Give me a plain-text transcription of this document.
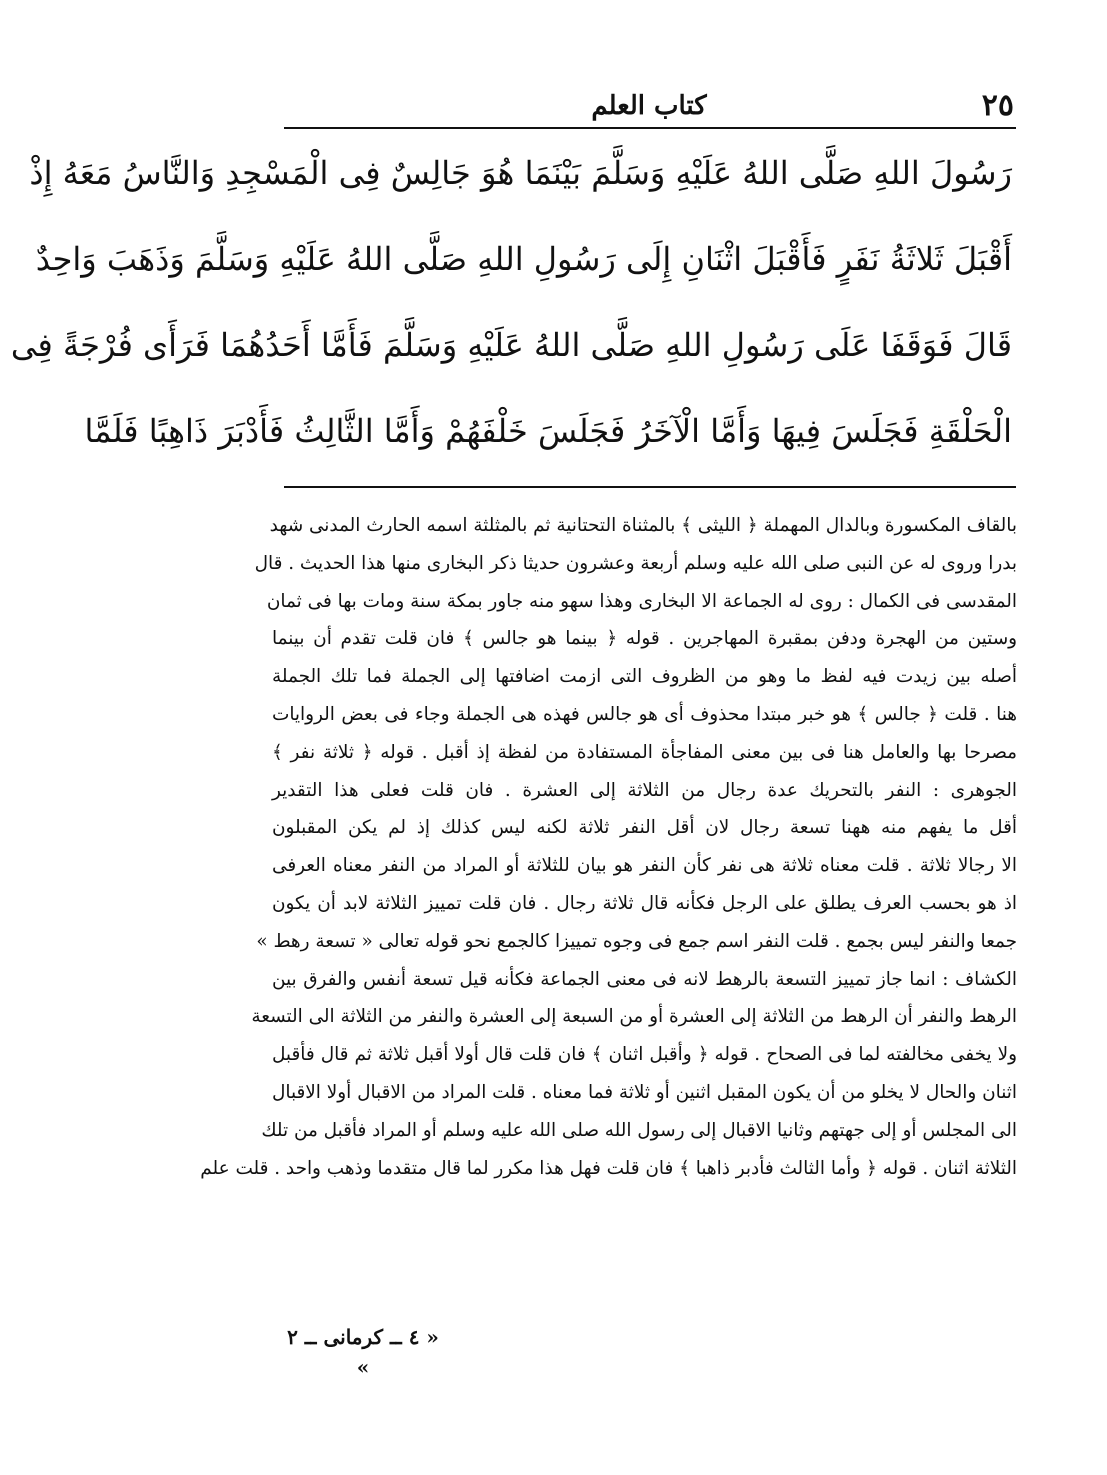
٢٥
كتاب العلم
رَسُولَ اللهِ صَلَّى اللهُ عَلَيْهِ وَسَلَّمَ بَيْنَمَا هُوَ جَالِسٌ فِى الْمَسْجِدِ وَالنَّاسُ مَعَهُ إِذْ
أَقْبَلَ ثَلاثَةُ نَفَرٍ فَأَقْبَلَ اثْنَانِ إِلَى رَسُولِ اللهِ صَلَّى اللهُ عَلَيْهِ وَسَلَّمَ وَذَهَبَ وَاحِدٌ
قَالَ فَوَقَفَا عَلَى رَسُولِ اللهِ صَلَّى اللهُ عَلَيْهِ وَسَلَّمَ فَأَمَّا أَحَدُهُمَا فَرَأَى فُرْجَةً فِى
الْحَلْقَةِ فَجَلَسَ فِيهَا وَأَمَّا الْآخَرُ فَجَلَسَ خَلْفَهُمْ وَأَمَّا الثَّالِثُ فَأَدْبَرَ ذَاهِبًا فَلَمَّا
بالقاف المكسورة وبالدال المهملة ﴿ الليثى ﴾ بالمثناة التحتانية ثم بالمثلثة اسمه الحارث المدنى شهد
بدرا وروى له عن النبى صلى الله عليه وسلم أربعة وعشرون حديثا ذكر البخارى منها هذا الحديث . قال
المقدسى فى الكمال : روى له الجماعة الا البخارى وهذا سهو منه جاور بمكة سنة ومات بها فى ثمان
وستين من الهجرة ودفن بمقبرة المهاجرين . قوله ﴿ بينما هو جالس ﴾ فان قلت تقدم أن بينما
أصله بين زيدت فيه لفظ ما وهو من الظروف التى ازمت اضافتها إلى الجملة فما تلك الجملة
هنا . قلت ﴿ جالس ﴾ هو خبر مبتدا محذوف أى هو جالس فهذه هى الجملة وجاء فى بعض الروايات
مصرحا بها والعامل هنا فى بين معنى المفاجأة المستفادة من لفظة إذ أقبل . قوله ﴿ ثلاثة نفر ﴾
الجوهرى : النفر بالتحريك عدة رجال من الثلاثة إلى العشرة . فان قلت فعلى هذا التقدير
أقل ما يفهم منه ههنا تسعة رجال لان أقل النفر ثلاثة لكنه ليس كذلك إذ لم يكن المقبلون
الا رجالا ثلاثة . قلت معناه ثلاثة هى نفر كأن النفر هو بيان للثلاثة أو المراد من النفر معناه العرفى
اذ هو بحسب العرف يطلق على الرجل فكأنه قال ثلاثة رجال . فان قلت تمييز الثلاثة لابد أن يكون
جمعا والنفر ليس بجمع . قلت النفر اسم جمع فى وجوه تمييزا كالجمع نحو قوله تعالى « تسعة رهط »
الكشاف : انما جاز تمييز التسعة بالرهط لانه فى معنى الجماعة فكأنه قيل تسعة أنفس والفرق بين
الرهط والنفر أن الرهط من الثلاثة إلى العشرة أو من السبعة إلى العشرة والنفر من الثلاثة الى التسعة
ولا يخفى مخالفته لما فى الصحاح . قوله ﴿ وأقبل اثنان ﴾ فان قلت قال أولا أقبل ثلاثة ثم قال فأقبل
اثنان والحال لا يخلو من أن يكون المقبل اثنين أو ثلاثة فما معناه . قلت المراد من الاقبال أولا الاقبال
الى المجلس أو إلى جهتهم وثانيا الاقبال إلى رسول الله صلى الله عليه وسلم أو المراد فأقبل من تلك
الثلاثة اثنان . قوله ﴿ وأما الثالث فأدبر ذاهبا ﴾ فان قلت فهل هذا مكرر لما قال متقدما وذهب واحد . قلت علم
« ٤ ــ كرمانى ــ ٢ »
